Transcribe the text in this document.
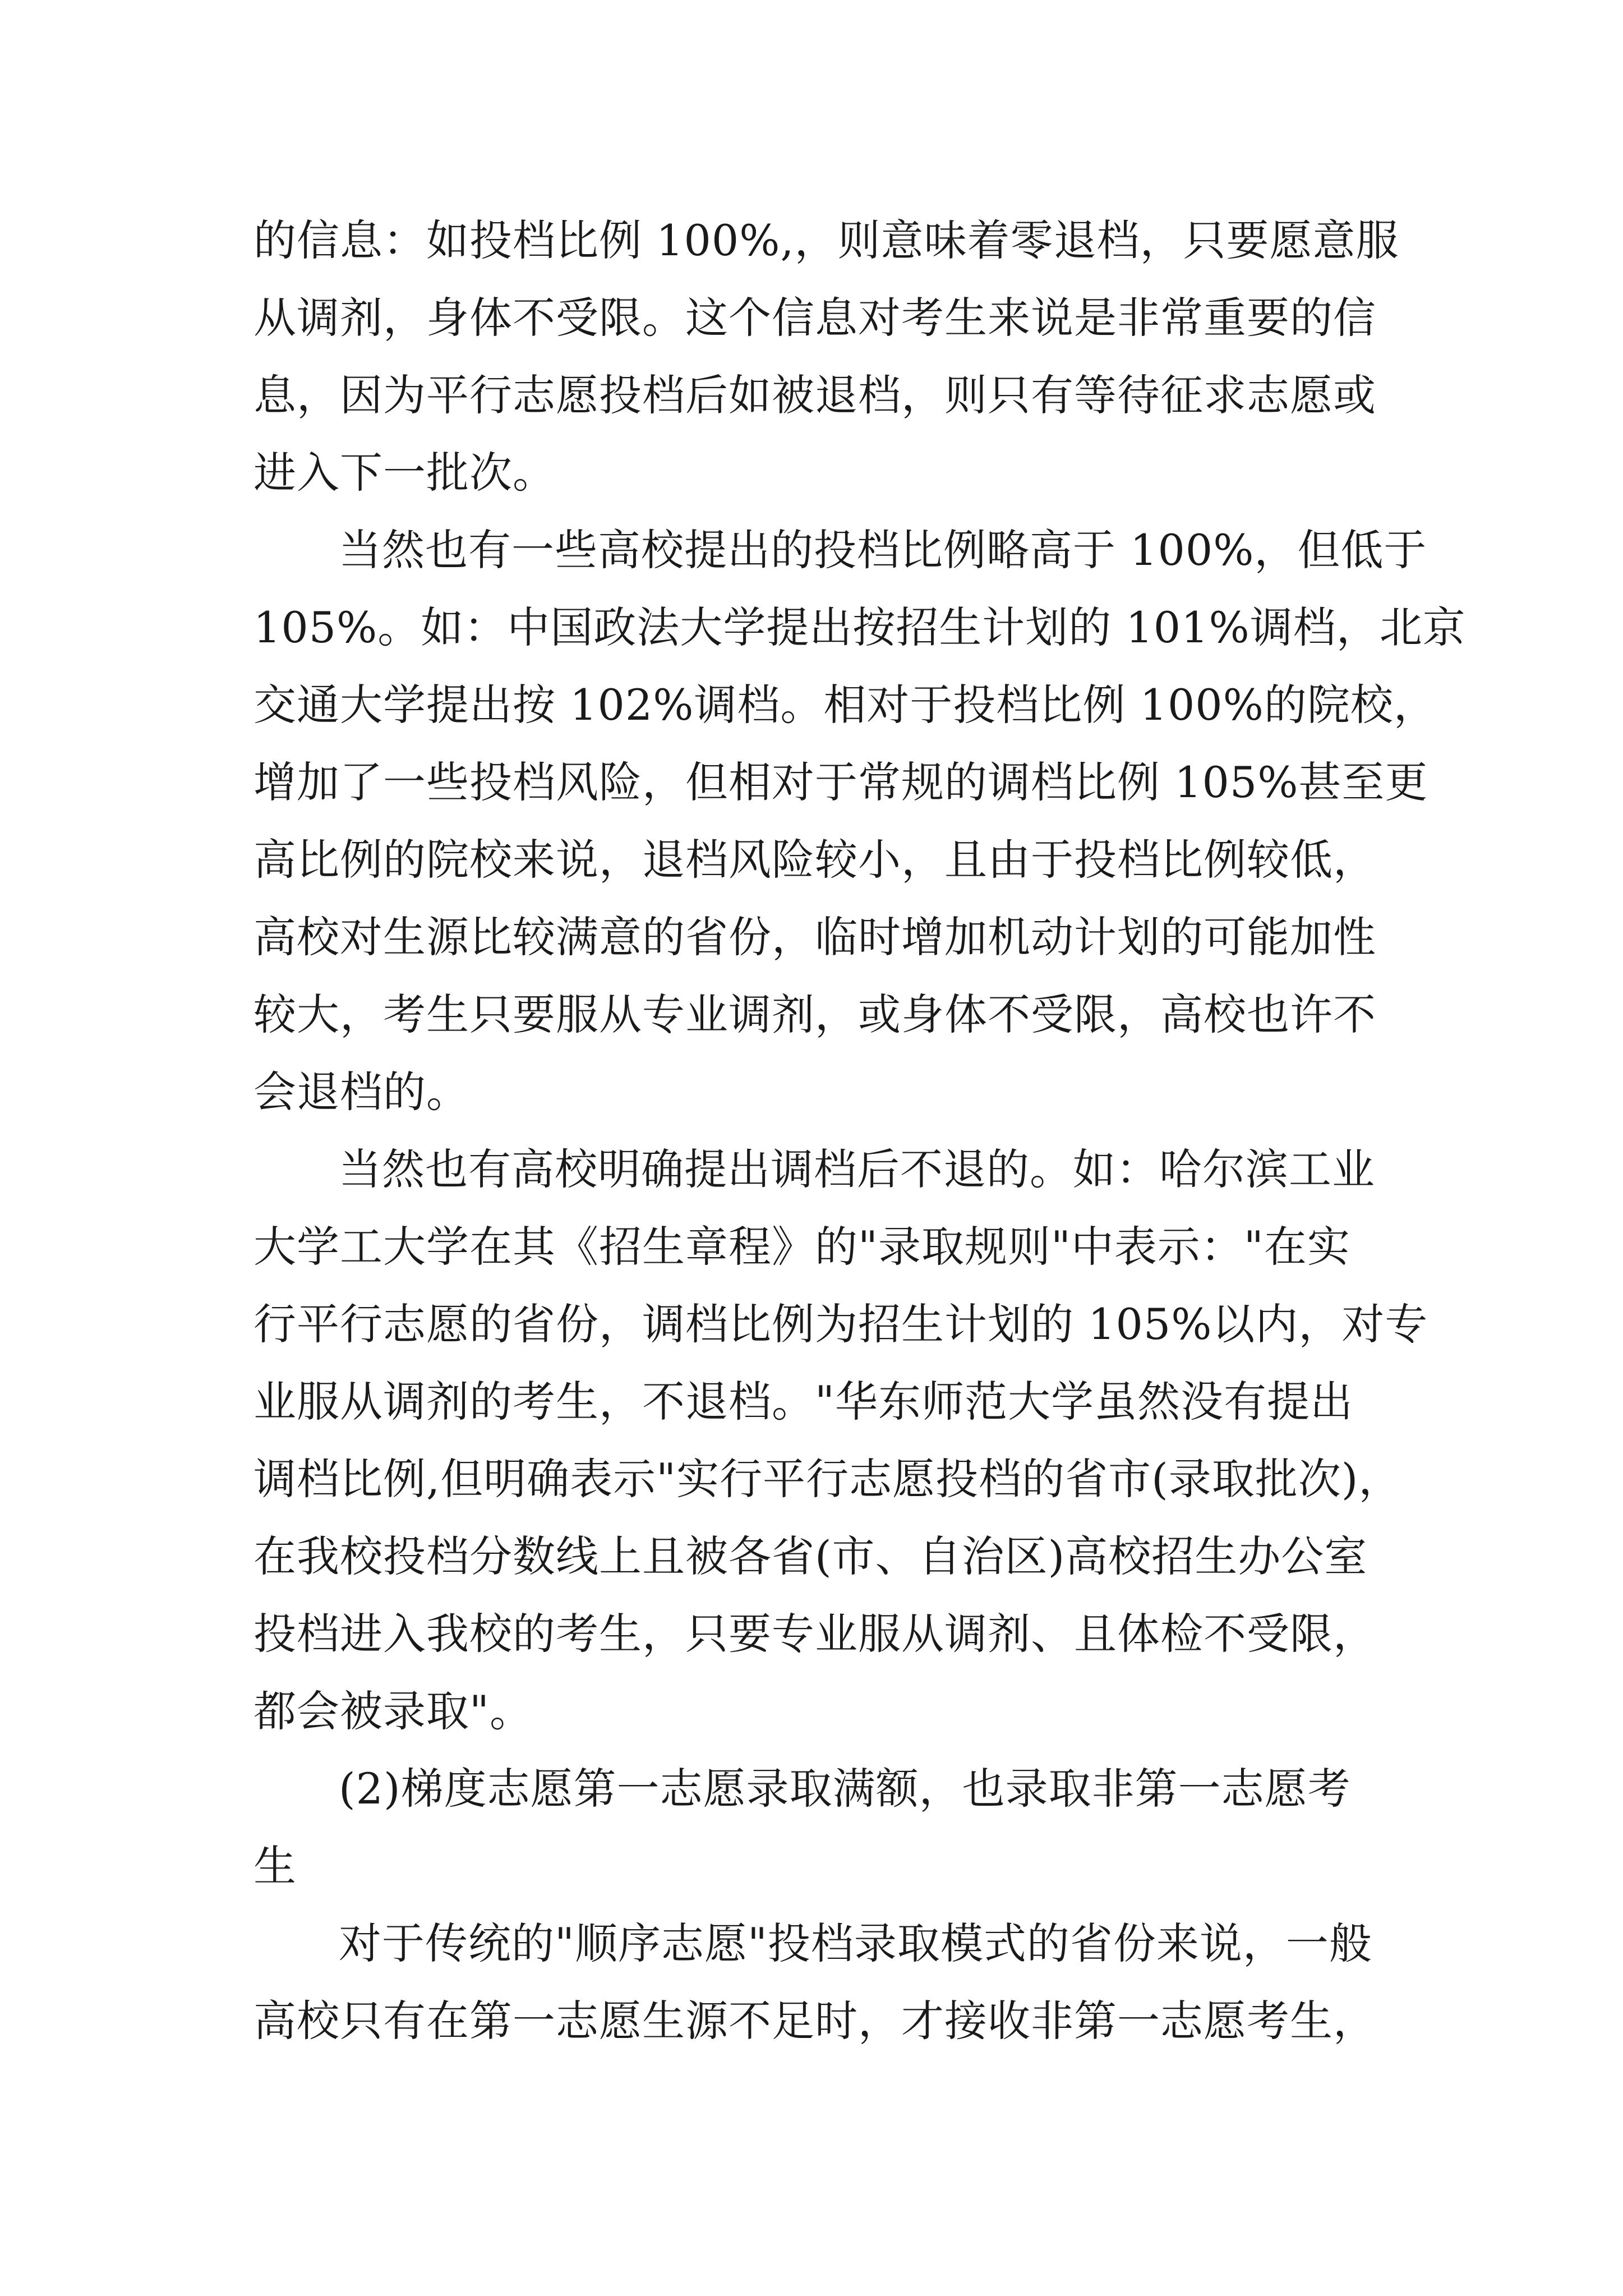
的信息：如投档比例 100%,，则意味着零退档，只要愿意服
从调剂，身体不受限。这个信息对考生来说是非常重要的信
息，因为平行志愿投档后如被退档，则只有等待征求志愿或
进入下一批次。
当然也有一些高校提出的投档比例略高于 100%，但低于
105%。如：中国政法大学提出按招生计划的 101%调档，北京
交通大学提出按 102%调档。相对于投档比例 100%的院校，
增加了一些投档风险，但相对于常规的调档比例 105%甚至更
高比例的院校来说，退档风险较小，且由于投档比例较低，
高校对生源比较满意的省份，临时增加机动计划的可能加性
较大，考生只要服从专业调剂，或身体不受限，高校也许不
会退档的。
当然也有高校明确提出调档后不退的。如：哈尔滨工业
大学工大学在其《招生章程》的"录取规则"中表示："在实
行平行志愿的省份，调档比例为招生计划的 105%以内，对专
业服从调剂的考生，不退档。"华东师范大学虽然没有提出
调档比例,但明确表示"实行平行志愿投档的省市(录取批次)，
在我校投档分数线上且被各省(市、自治区)高校招生办公室
投档进入我校的考生，只要专业服从调剂、且体检不受限，
都会被录取"。
(2)梯度志愿第一志愿录取满额，也录取非第一志愿考
生
对于传统的"顺序志愿"投档录取模式的省份来说，一般
高校只有在第一志愿生源不足时，才接收非第一志愿考生，
